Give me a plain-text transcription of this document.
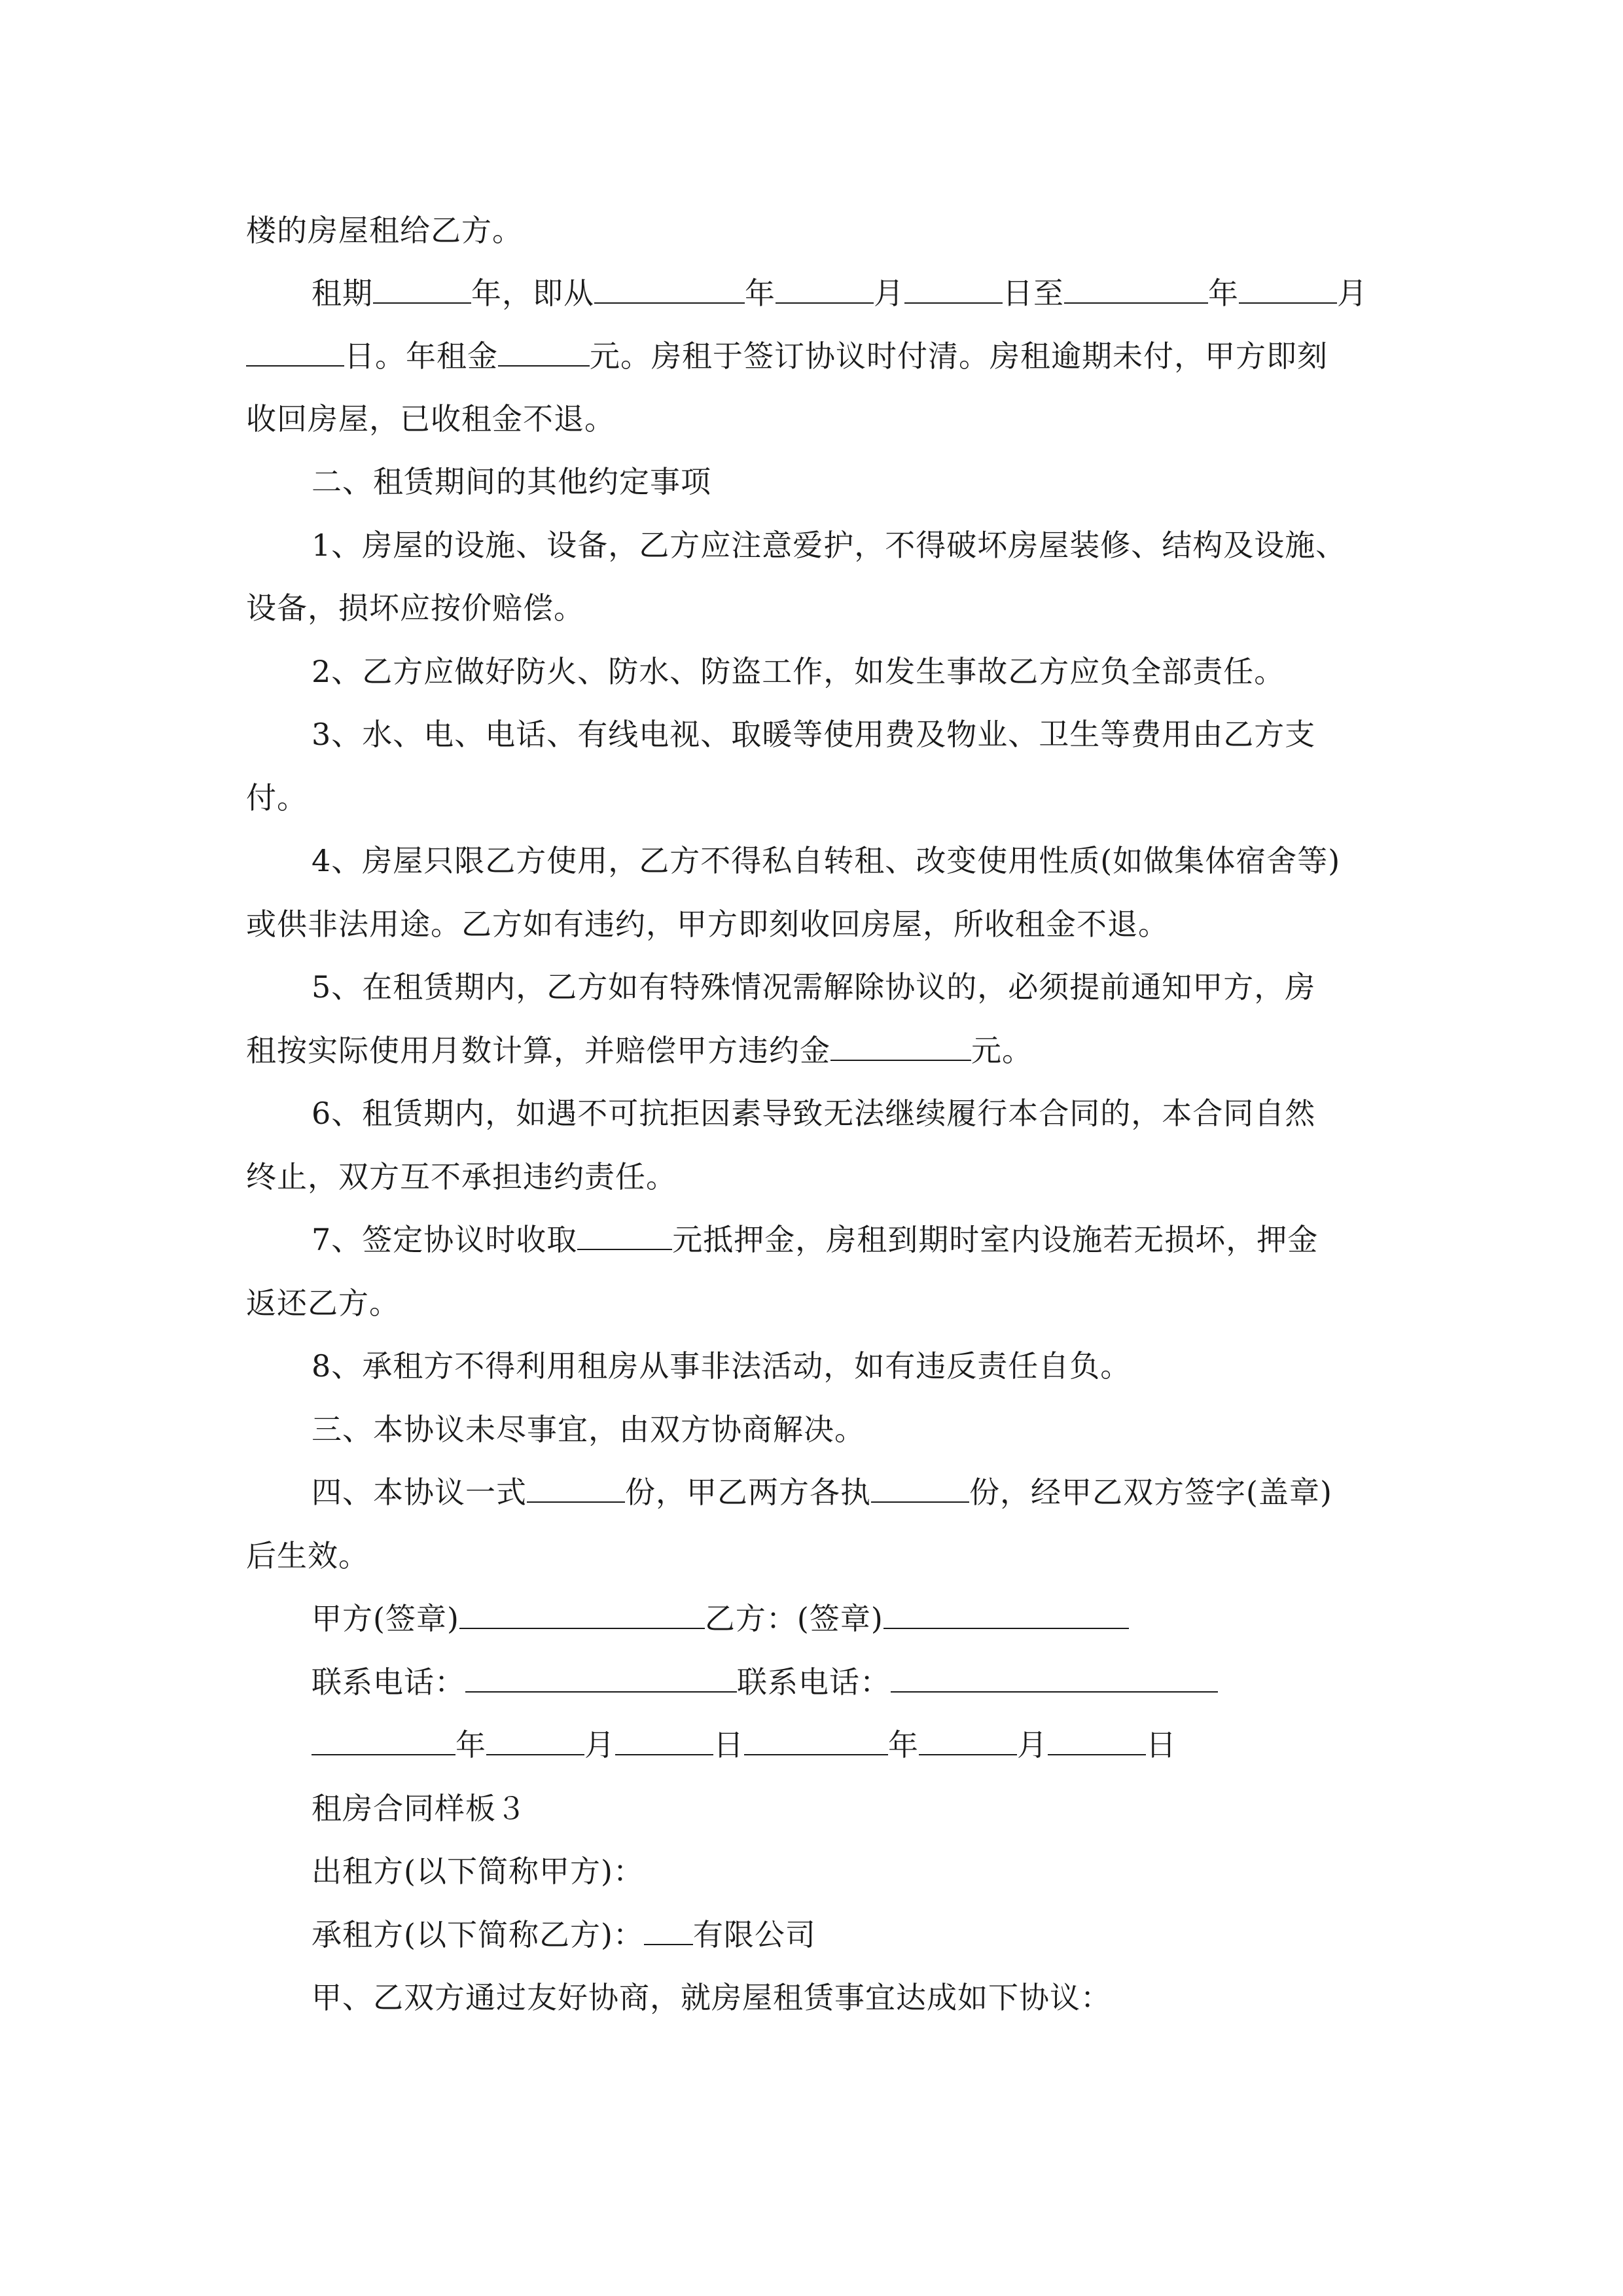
楼的房屋租给乙方。
租期	年，即从	年	月	日至	年	月
日。年租金	元。房租于签订协议时付清。房租逾期未付，甲方即刻
收回房屋，已收租金不退。
二、租赁期间的其他约定事项
1、房屋的设施、设备，乙方应注意爱护，不得破坏房屋装修、结构及设施、
设备，损坏应按价赔偿。
2、乙方应做好防火、防水、防盗工作，如发生事故乙方应负全部责任。
3、水、电、电话、有线电视、取暖等使用费及物业、卫生等费用由乙方支
付。
4、房屋只限乙方使用，乙方不得私自转租、改变使用性质(如做集体宿舍等)
或供非法用途。乙方如有违约，甲方即刻收回房屋，所收租金不退。
5、在租赁期内，乙方如有特殊情况需解除协议的，必须提前通知甲方，房
租按实际使用月数计算，并赔偿甲方违约金	元。
6、租赁期内，如遇不可抗拒因素导致无法继续履行本合同的，本合同自然
终止，双方互不承担违约责任。
7、签定协议时收取	元抵押金，房租到期时室内设施若无损坏，押金
返还乙方。
8、承租方不得利用租房从事非法活动，如有违反责任自负。
三、本协议未尽事宜，由双方协商解决。
四、本协议一式	份，甲乙两方各执	份，经甲乙双方签字(盖章)
后生效。
甲方(签章)	乙方：(签章)
联系电话：	联系电话：
年	月	日	年	月	日
租房合同样板３
出租方(以下简称甲方)：
承租方(以下简称乙方)： 有限公司
甲、乙双方通过友好协商，就房屋租赁事宜达成如下协议：
